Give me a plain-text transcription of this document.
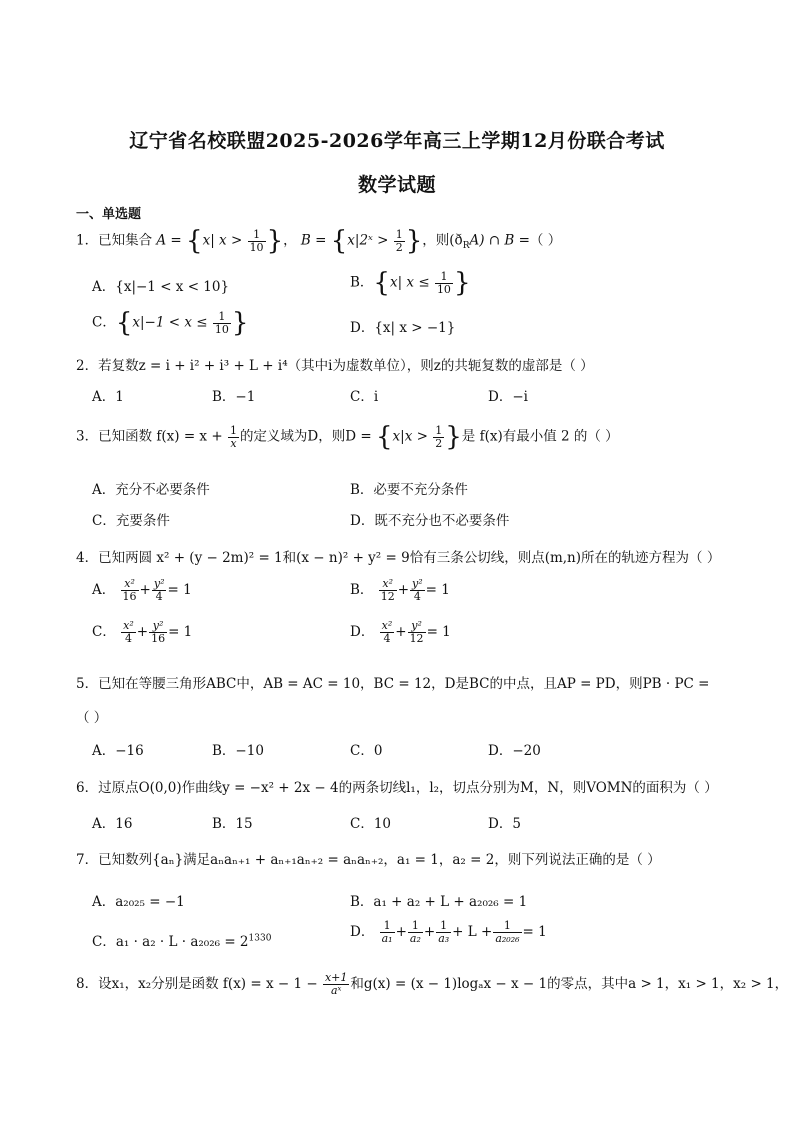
辽宁省名校联盟2025-2026学年高三上学期12月份联合考试
数学试题
一、单选题
1．已知集合 A = {x| $x > \frac{1}{10}$ }， B = {x|2ˣ > $\frac{1}{2}$ }，则$(ð_RA)$ ∩ B =（ ）
A．{x|−1 < x < 10}	B．{x| $x \le \frac{1}{10}$ }
C．{$x|-1 < x \le \frac{1}{10}$ }	D．{x| x > −1}
2．若复数z = i + i² + i³ + L + i⁴（其中i为虚数单位），则z的共轭复数的虚部是（ ）
A．1	B．−1	C．i	D．−i
3．已知函数 $f(x) = x + \frac{1}{x}$ 的定义域为D，则$D = \{x|x > \frac{1}{2}$ }是 f(x)有最小值 2 的（ ）
A．充分不必要条件	B．必要不充分条件
C．充要条件	D．既不充分也不必要条件
4．已知两圆 x² + (y − 2m)² = 1和(x − n)² + y² = 9恰有三条公切线，则点(m,n)所在的轨迹方程为（ ）
A． $\frac{\text{x²}}{16} + \frac{\text{y²}}{4} = 1$	B． $\frac{\text{x²}}{12} + \frac{\text{y²}}{4} = 1$
C． $\frac{\text{x²}}{4} + \frac{\text{y²}}{16} = 1$	D． $\frac{\text{x²}}{4} + \frac{\text{y²}}{12} = 1$
5．已知在等腰三角形ABC中，AB = AC = 10，BC = 12，D是BC的中点，且AP = PD，则PB · PC =
（ ）
A．−16	B．−10	C．0	D．−20
6．过原点O(0,0)作曲线y = −x² + 2x − 4的两条切线l₁，l₂，切点分别为M，N，则VOMN的面积为（ ）
A．16	B．15	C．10	D．5
7．已知数列{aₙ}满足aₙaₙ₊₁ + aₙ₊₁aₙ₊₂ = aₙaₙ₊₂，a₁ = 1，a₂ = 2，则下列说法正确的是（ ）
A．a₂₀₂₅ = −1	B．a₁ + a₂ + L + a₂₀₂₆ = 1
C．$a_1 \cdot a_2 \cdot L \cdot a_{2026} = 2^{1330}$	D． $\frac{1}{\text{a₁}} + \frac{1}{\text{a₂}} + \frac{1}{\text{a₃}} + L + \frac{1}{\text{a₂₀₂₆}} = 1$
8．设x₁，x₂分别是函数 $f(x) = x - 1 - \frac{x+1}{\text{aˣ}}$ 和g(x) = (x − 1)logₐx − x − 1的零点，其中a > 1，x₁ > 1，x₂ > 1，
